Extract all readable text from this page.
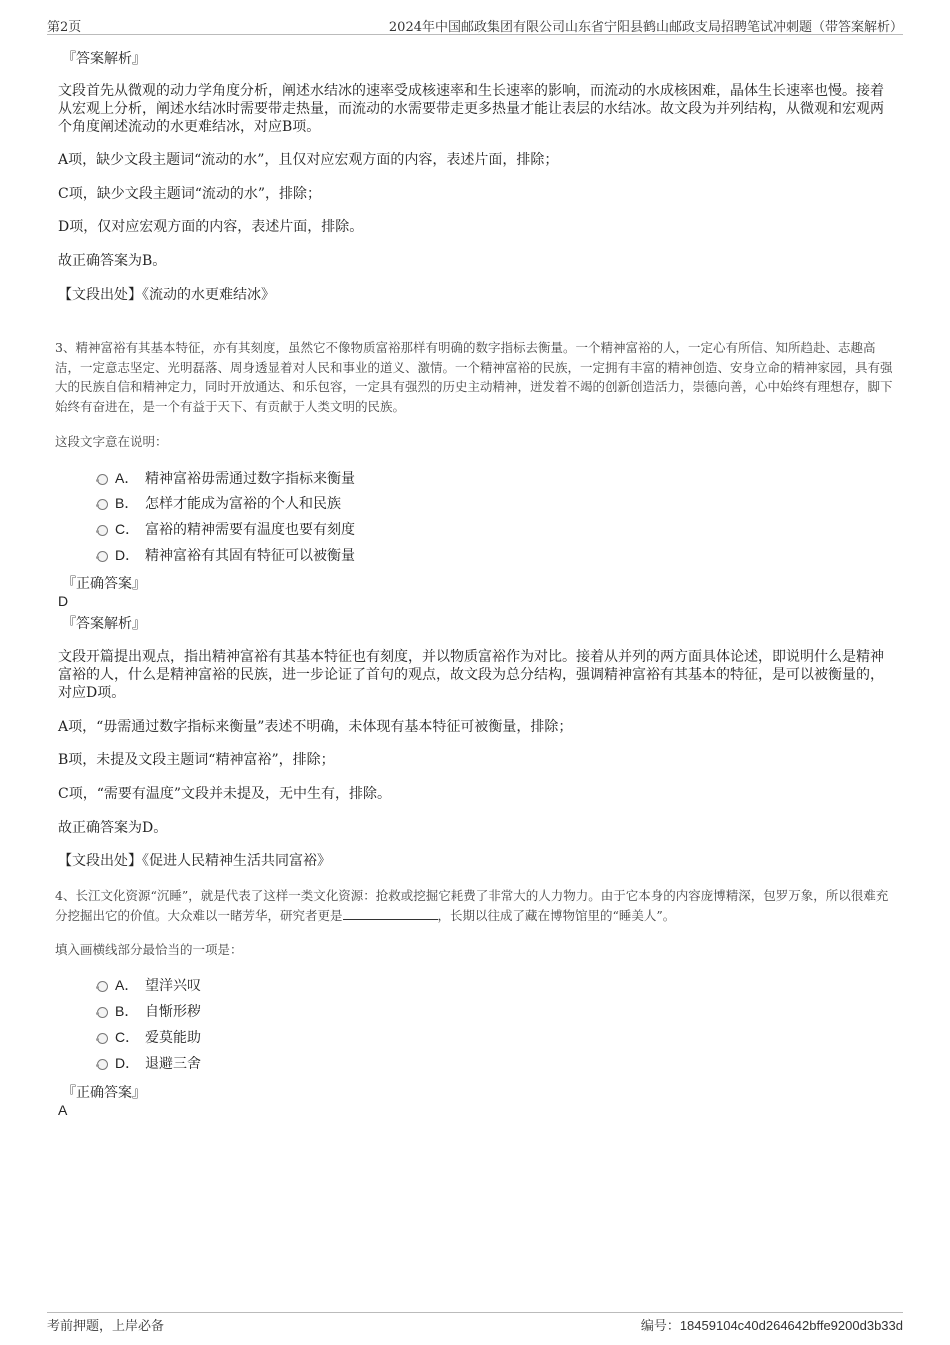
第2页	2024年中国邮政集团有限公司山东省宁阳县鹤山邮政支局招聘笔试冲刺题（带答案解析）
『答案解析』
文段首先从微观的动力学角度分析，阐述水结冰的速率受成核速率和生长速率的影响，而流动的水成核困难，晶体生长速率也慢。接着从宏观上分析，阐述水结冰时需要带走热量，而流动的水需要带走更多热量才能让表层的水结冰。故文段为并列结构，从微观和宏观两个角度阐述流动的水更难结冰，对应B项。
A项，缺少文段主题词“流动的水”，且仅对应宏观方面的内容，表述片面，排除；
C项，缺少文段主题词“流动的水”，排除；
D项，仅对应宏观方面的内容，表述片面，排除。
故正确答案为B。
【文段出处】《流动的水更难结冰》
3、精神富裕有其基本特征，亦有其刻度，虽然它不像物质富裕那样有明确的数字指标去衡量。一个精神富裕的人，一定心有所信、知所趋赴、志趣高洁，一定意志坚定、光明磊落、周身透显着对人民和事业的道义、激情。一个精神富裕的民族，一定拥有丰富的精神创造、安身立命的精神家园，具有强大的民族自信和精神定力，同时开放通达、和乐包容，一定具有强烈的历史主动精神，迸发着不竭的创新创造活力，崇德向善，心中始终有理想存，脚下始终有奋进在，是一个有益于天下、有贡献于人类文明的民族。
这段文字意在说明：
A． 精神富裕毋需通过数字指标来衡量
B． 怎样才能成为富裕的个人和民族
C． 富裕的精神需要有温度也要有刻度
D． 精神富裕有其固有特征可以被衡量
『正确答案』
D
『答案解析』
文段开篇提出观点，指出精神富裕有其基本特征也有刻度，并以物质富裕作为对比。接着从并列的两方面具体论述，即说明什么是精神富裕的人，什么是精神富裕的民族，进一步论证了首句的观点，故文段为总分结构，强调精神富裕有其基本的特征，是可以被衡量的，对应D项。
A项，“毋需通过数字指标来衡量”表述不明确，未体现有基本特征可被衡量，排除；
B项，未提及文段主题词“精神富裕”，排除；
C项，“需要有温度”文段并未提及，无中生有，排除。
故正确答案为D。
【文段出处】《促进人民精神生活共同富裕》
4、长江文化资源“沉睡”，就是代表了这样一类文化资源：抢救或挖掘它耗费了非常大的人力物力。由于它本身的内容庞博精深，包罗万象，所以很难充分挖掘出它的价值。大众难以一睹芳华，研究者更是	，长期以往成了藏在博物馆里的“睡美人”。
填入画横线部分最恰当的一项是：
A． 望洋兴叹
B． 自惭形秽
C． 爱莫能助
D． 退避三舍
『正确答案』
A
考前押题，上岸必备	编号：18459104c40d264642bffe9200d3b33d
